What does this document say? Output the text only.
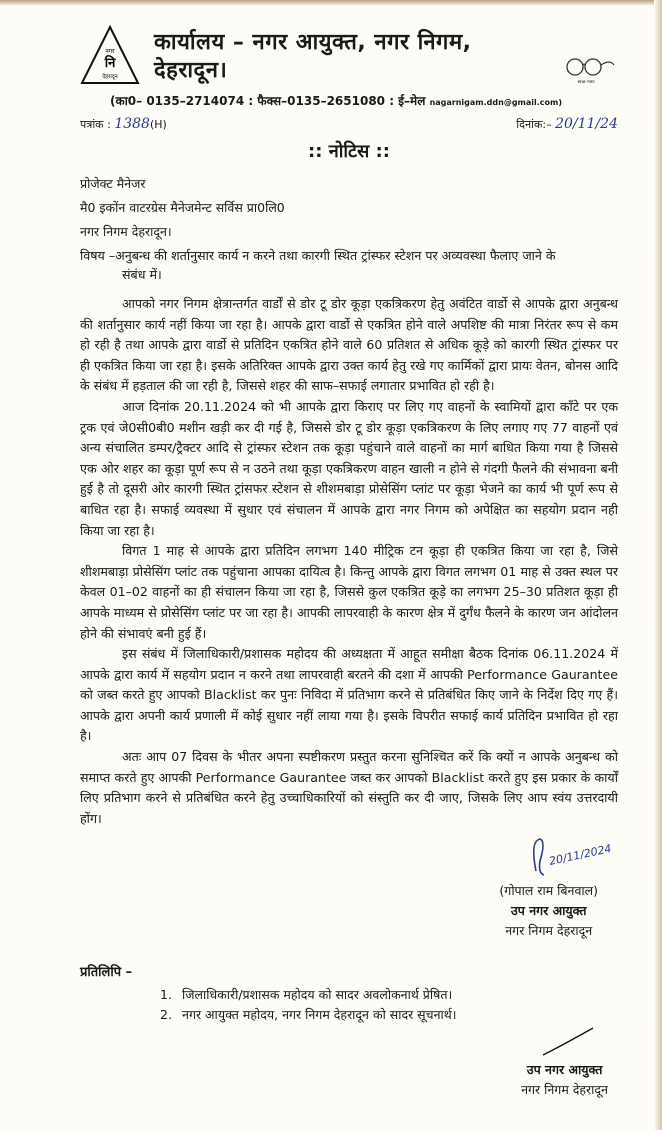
नगर
नि
देहरादून
कार्यालय – नगर आयुक्त, नगर निगम, देहरादून।	स्वच्छ भारत
(का0– 0135–2714074 : फैक्स–0135–2651080 : ई–मेल nagarnigam.ddn@gmail.com)
पत्रांक : 1388(H)	दिनांक:– 20/11/24
:: नोटिस ::
प्रोजेक्ट मैनेजर
मै0 इकोंन वाटरग्रेस मैनेजमेन्ट सर्विस प्रा0लि0
नगर निगम देहरादून।
विषय –अनुबन्ध की शर्तानुसार कार्य न करने तथा कारगी स्थित ट्रांस्फर स्टेशन पर अव्यवस्था फैलाए जाने के
संबंध में।

आपको नगर निगम क्षेत्रान्तर्गत वार्डों से डोर टू डोर कूड़ा एकत्रिकरण हेतु अवंटित वार्डो से आपके द्वारा अनुबन्ध की शर्तानुसार कार्य नहीं किया जा रहा है। आपके द्वारा वार्डो से एकत्रित होने वाले अपशिष्ट की मात्रा निरंतर रूप से कम हो रही है तथा आपके द्वारा वार्डो से प्रतिदिन एकत्रित होने वाले 60 प्रतिशत से अधिक कूड़े को कारगी स्थित ट्रांस्फर पर ही एकत्रित किया जा रहा है। इसके अतिरिक्त आपके द्वारा उक्त कार्य हेतु रखे गए कार्मिकों द्वारा प्रायः वेतन, बोनस आदि के संबंध में हड़ताल की जा रही है, जिससे शहर की साफ–सफाई लगातार प्रभावित हो रही है।

आज दिनांक 20.11.2024 को भी आपके द्वारा किराए पर लिए गए वाहनों के स्वामियों द्वारा कॉंटे पर एक ट्रक एवं जे0सी0बी0 मशीन खड़ी कर दी गई है, जिससे डोर टू डोर कूड़ा एकत्रिकरण के लिए लगाए गए 77 वाहनों एवं अन्य संचालित डम्पर/ट्रैक्टर आदि से ट्रांस्फर स्टेशन तक कूड़ा पहुंचाने वाले वाहनों का मार्ग बाधित किया गया है जिससे एक ओर शहर का कूड़ा पूर्ण रूप से न उठने तथा कूड़ा एकत्रिकरण वाहन खाली न होने से गंदगी फैलने की संभावना बनी हुई है तो दूसरी ओर कारगी स्थित ट्रांसफर स्टेशन से शीशमबाड़ा प्रोसेसिंग प्लांट पर कूड़ा भेजने का कार्य भी पूर्ण रूप से बाधित रहा है। सफाई व्यवस्था में सुधार एवं संचालन में आपके द्वारा नगर निगम को अपेक्षित का सहयोग प्रदान नही किया जा रहा है।

विगत 1 माह से आपके द्वारा प्रतिदिन लगभग 140 मीट्रिक टन कूड़ा ही एकत्रित किया जा रहा है, जिसे शीशमबाड़ा प्रोसेसिंग प्लांट तक पहुंचाना आपका दायित्व है। किन्तु आपके द्वारा विगत लगभग 01 माह से उक्त स्थल पर केवल 01–02 वाहनों का ही संचालन किया जा रहा है, जिससे कुल एकत्रित कूड़े का लगभग 25–30 प्रतिशत कूड़ा ही आपके माध्यम से प्रोसेसिंग प्लांट पर जा रहा है। आपकी लापरवाही के कारण क्षेत्र में दुर्गंध फैलने के कारण जन आंदोलन होने की संभावएं बनी हुई हैं।

इस संबंध में जिलाधिकारी/प्रशासक महोदय की अध्यक्षता में आहूत समीक्षा बैठक दिनांक 06.11.2024 में आपके द्वारा कार्य में सहयोग प्रदान न करने तथा लापरवाही बरतने की दशा में आपकी Performance Gaurantee को जब्त करते हुए आपको Blacklist कर पुनः निविदा में प्रतिभाग करने से प्रतिबंधित किए जाने के निर्देश दिए गए हैं। आपके द्वारा अपनी कार्य प्रणाली में कोई सुधार नहीं लाया गया है। इसके विपरीत सफाई कार्य प्रतिदिन प्रभावित हो रहा है।

अतः आप 07 दिवस के भीतर अपना स्पष्टीकरण प्रस्तुत करना सुनिश्चित करें कि क्यों न आपके अनुबन्ध को समाप्त करते हुए आपकी Performance Gaurantee जब्त कर आपको Blacklist करते हुए इस प्रकार के कार्यों लिए प्रतिभाग करने से प्रतिबंधित करने हेतु उच्चाधिकारियों को संस्तुति कर दी जाए, जिसके लिए आप स्वंय उत्तरदायी होंग।

20/11/2024
(गोपाल राम बिनवाल)
उप नगर आयुक्त
नगर निगम देहरादून
प्रतिलिपि –
1. जिलाधिकारी/प्रशासक महोदय को सादर अवलोकनार्थ प्रेषित।
2. नगर आयुक्त महोदय, नगर निगम देहरादून को सादर सूचनार्थ।
उप नगर आयुक्त
नगर निगम देहरादून
